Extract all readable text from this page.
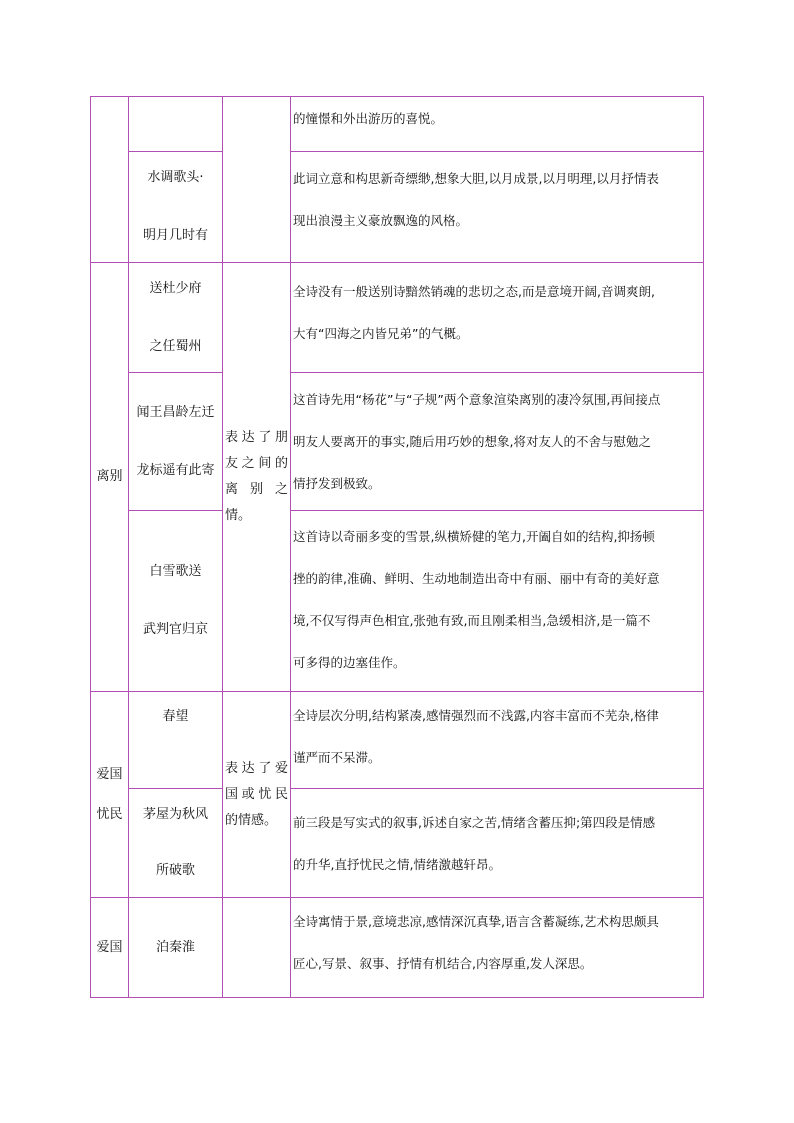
离别
爱国
忧民
爱国
水调歌头·
明月几时有
送杜少府
之任蜀州
闻王昌龄左迁
龙标遥有此寄
白雪歌送
武判官归京
春望
茅屋为秋风
所破歌
泊秦淮
表达了朋
友之间的
离别之情。
表达了爱
国或忧民
的情感。
的憧憬和外出游历的喜悦。
此词立意和构思新奇缥缈,想象大胆,以月成景,以月明理,以月抒情表
现出浪漫主义豪放飘逸的风格。
全诗没有一般送别诗黯然销魂的悲切之态,而是意境开阔,音调爽朗,
大有“四海之内皆兄弟”的气概。
这首诗先用“杨花”与“子规”两个意象渲染离别的凄冷氛围,再间接点
明友人要离开的事实,随后用巧妙的想象,将对友人的不舍与慰勉之
情抒发到极致。
这首诗以奇丽多变的雪景,纵横矫健的笔力,开阖自如的结构,抑扬顿
挫的韵律,准确、鲜明、生动地制造出奇中有丽、丽中有奇的美好意
境,不仅写得声色相宜,张弛有致,而且刚柔相当,急缓相济,是一篇不
可多得的边塞佳作。
全诗层次分明,结构紧凑,感情强烈而不浅露,内容丰富而不芜杂,格律
谨严而不呆滞。
前三段是写实式的叙事,诉述自家之苦,情绪含蓄压抑;第四段是情感
的升华,直抒忧民之情,情绪激越轩昂。
全诗寓情于景,意境悲凉,感情深沉真挚,语言含蓄凝练,艺术构思颇具
匠心,写景、叙事、抒情有机结合,内容厚重,发人深思。
